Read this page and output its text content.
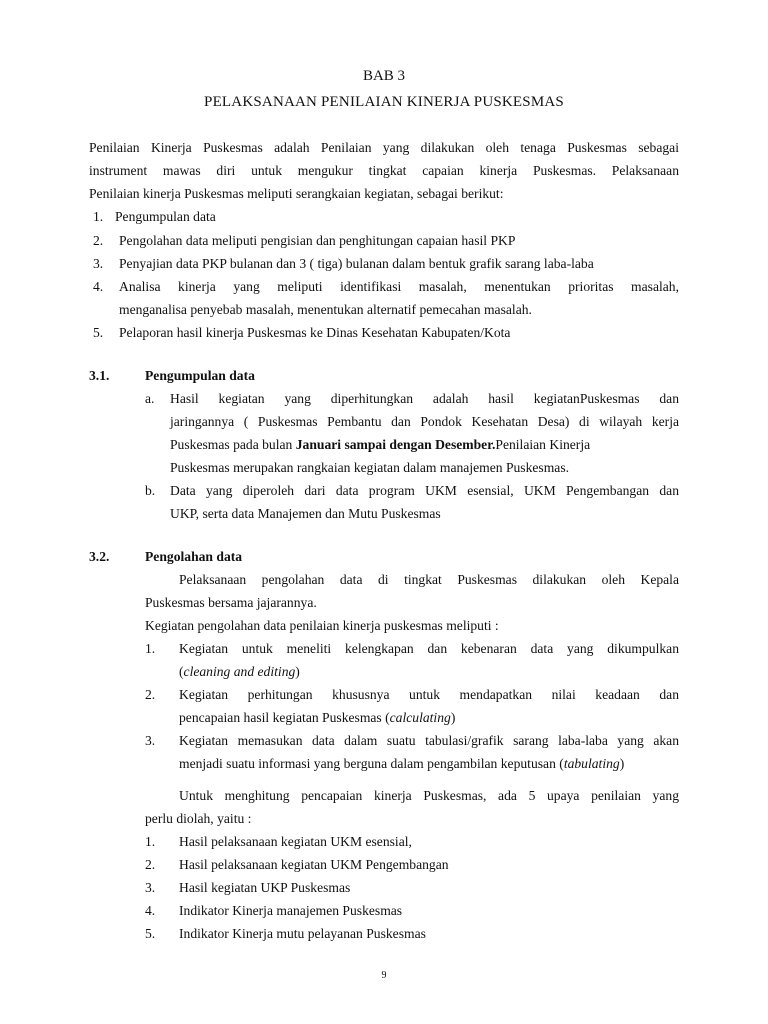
BAB 3
PELAKSANAAN PENILAIAN KINERJA PUSKESMAS
Penilaian Kinerja Puskesmas adalah Penilaian yang dilakukan oleh tenaga Puskesmas sebagai
instrument mawas diri untuk mengukur tingkat capaian kinerja Puskesmas. Pelaksanaan
Penilaian kinerja Puskesmas meliputi serangkaian kegiatan, sebagai berikut:
1. Pengumpulan data
2. Pengolahan data meliputi pengisian dan penghitungan capaian hasil PKP
3. Penyajian data PKP bulanan dan 3 ( tiga) bulanan dalam bentuk grafik sarang laba-laba
4. Analisa kinerja yang meliputi identifikasi masalah, menentukan prioritas masalah,
menganalisa penyebab masalah, menentukan alternatif pemecahan masalah.
5. Pelaporan hasil kinerja Puskesmas ke Dinas Kesehatan Kabupaten/Kota
3.1.	Pengumpulan data
a. Hasil kegiatan yang diperhitungkan adalah hasil kegiatanPuskesmas dan
jaringannya ( Puskesmas Pembantu dan Pondok Kesehatan Desa) di wilayah kerja
Puskesmas pada bulan Januari sampai dengan Desember.Penilaian Kinerja
Puskesmas merupakan rangkaian kegiatan dalam manajemen Puskesmas.
b. Data yang diperoleh dari data program UKM esensial, UKM Pengembangan dan
UKP, serta data Manajemen dan Mutu Puskesmas
3.2.	Pengolahan data
Pelaksanaan pengolahan data di tingkat Puskesmas dilakukan oleh Kepala
Puskesmas bersama jajarannya.
Kegiatan pengolahan data penilaian kinerja puskesmas meliputi :
1. Kegiatan untuk meneliti kelengkapan dan kebenaran data yang dikumpulkan
(cleaning and editing)
2. Kegiatan perhitungan khususnya untuk mendapatkan nilai keadaan dan
pencapaian hasil kegiatan Puskesmas (calculating)
3. Kegiatan memasukan data dalam suatu tabulasi/grafik sarang laba-laba yang akan
menjadi suatu informasi yang berguna dalam pengambilan keputusan (tabulating)
Untuk menghitung pencapaian kinerja Puskesmas, ada 5 upaya penilaian yang
perlu diolah, yaitu :
1. Hasil pelaksanaan kegiatan UKM esensial,
2. Hasil pelaksanaan kegiatan UKM Pengembangan
3. Hasil kegiatan UKP Puskesmas
4. Indikator Kinerja manajemen Puskesmas
5. Indikator Kinerja mutu pelayanan Puskesmas
9
